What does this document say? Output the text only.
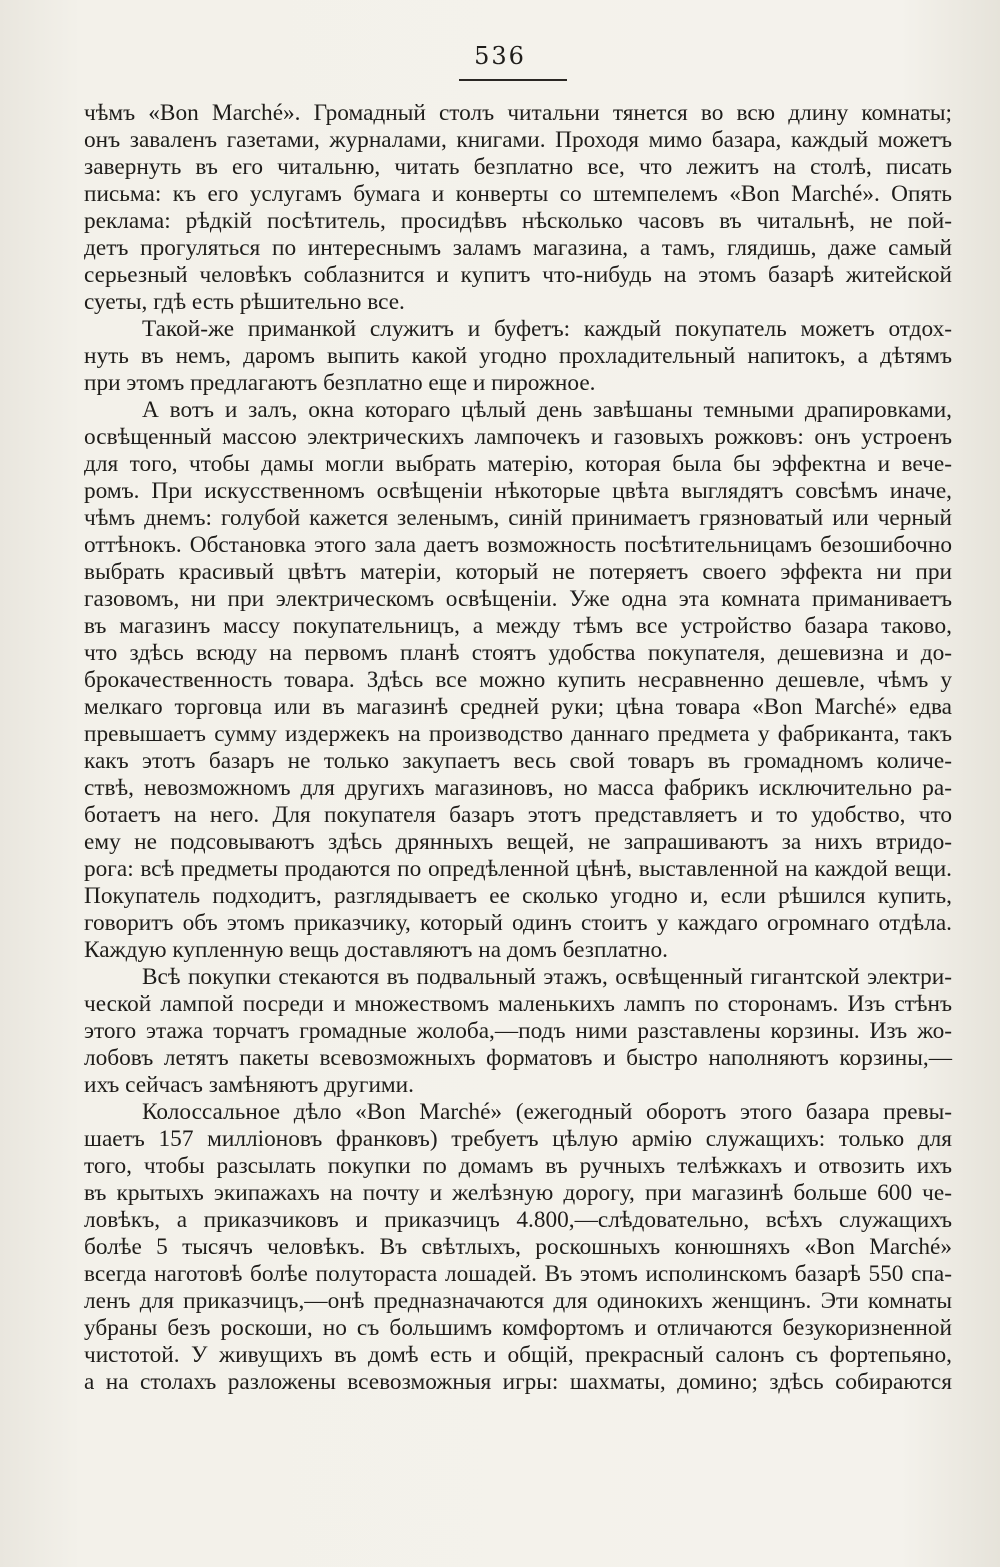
536
чѣмъ «Bon Marché». Громадный столъ читальни тянется во всю длину комнаты;
онъ заваленъ газетами, журналами, книгами. Проходя мимо базара, каждый можетъ
завернуть въ его читальню, читать безплатно все, что лежитъ на столѣ, писать
письма: къ его услугамъ бумага и конверты со штемпелемъ «Bon Marché». Опять
реклама: рѣдкій посѣтитель, просидѣвъ нѣсколько часовъ въ читальнѣ, не пой-
детъ прогуляться по интереснымъ заламъ магазина, а тамъ, глядишь, даже самый
серьезный человѣкъ соблазнится и купитъ что-нибудь на этомъ базарѣ житейской
суеты, гдѣ есть рѣшительно все.
Такой-же приманкой служитъ и буфетъ: каждый покупатель можетъ отдох-
нуть въ немъ, даромъ выпить какой угодно прохладительный напитокъ, а дѣтямъ
при этомъ предлагаютъ безплатно еще и пирожное.
А вотъ и залъ, окна котораго цѣлый день завѣшаны темными драпировками,
освѣщенный массою электрическихъ лампочекъ и газовыхъ рожковъ: онъ устроенъ
для того, чтобы дамы могли выбрать матерію, которая была бы эффектна и вече-
ромъ. При искусственномъ освѣщеніи нѣкоторые цвѣта выглядятъ совсѣмъ иначе,
чѣмъ днемъ: голубой кажется зеленымъ, синій принимаетъ грязноватый или черный
оттѣнокъ. Обстановка этого зала даетъ возможность посѣтительницамъ безошибочно
выбрать красивый цвѣтъ матеріи, который не потеряетъ своего эффекта ни при
газовомъ, ни при электрическомъ освѣщеніи. Уже одна эта комната приманиваетъ
въ магазинъ массу покупательницъ, а между тѣмъ все устройство базара таково,
что здѣсь всюду на первомъ планѣ стоятъ удобства покупателя, дешевизна и до-
брокачественность товара. Здѣсь все можно купить несравненно дешевле, чѣмъ у
мелкаго торговца или въ магазинѣ средней руки; цѣна товара «Bon Marché» едва
превышаетъ сумму издержекъ на производство даннаго предмета у фабриканта, такъ
какъ этотъ базаръ не только закупаетъ весь свой товаръ въ громадномъ количе-
ствѣ, невозможномъ для другихъ магазиновъ, но масса фабрикъ исключительно ра-
ботаетъ на него. Для покупателя базаръ этотъ представляетъ и то удобство, что
ему не подсовываютъ здѣсь дрянныхъ вещей, не запрашиваютъ за нихъ втридо-
рога: всѣ предметы продаются по опредѣленной цѣнѣ, выставленной на каждой вещи.
Покупатель подходитъ, разглядываетъ ее сколько угодно и, если рѣшился купить,
говоритъ объ этомъ приказчику, который одинъ стоитъ у каждаго огромнаго отдѣла.
Каждую купленную вещь доставляютъ на домъ безплатно.
Всѣ покупки стекаются въ подвальный этажъ, освѣщенный гигантской электри-
ческой лампой посреди и множествомъ маленькихъ лампъ по сторонамъ. Изъ стѣнъ
этого этажа торчатъ громадные жолоба,—подъ ними разставлены корзины. Изъ жо-
лобовъ летятъ пакеты всевозможныхъ форматовъ и быстро наполняютъ корзины,—
ихъ сейчасъ замѣняютъ другими.
Колоссальное дѣло «Bon Marché» (ежегодный оборотъ этого базара превы-
шаетъ 157 милліоновъ франковъ) требуетъ цѣлую армію служащихъ: только для
того, чтобы разсылать покупки по домамъ въ ручныхъ телѣжкахъ и отвозить ихъ
въ крытыхъ экипажахъ на почту и желѣзную дорогу, при магазинѣ больше 600 че-
ловѣкъ, а приказчиковъ и приказчицъ 4.800,—слѣдовательно, всѣхъ служащихъ
болѣе 5 тысячъ человѣкъ. Въ свѣтлыхъ, роскошныхъ конюшняхъ «Bon Marché»
всегда наготовѣ болѣе полутораста лошадей. Въ этомъ исполинскомъ базарѣ 550 спа-
ленъ для приказчицъ,—онѣ предназначаются для одинокихъ женщинъ. Эти комнаты
убраны безъ роскоши, но съ большимъ комфортомъ и отличаются безукоризненной
чистотой. У живущихъ въ домѣ есть и общій, прекрасный салонъ съ фортепьяно,
а на столахъ разложены всевозможныя игры: шахматы, домино; здѣсь собираются
